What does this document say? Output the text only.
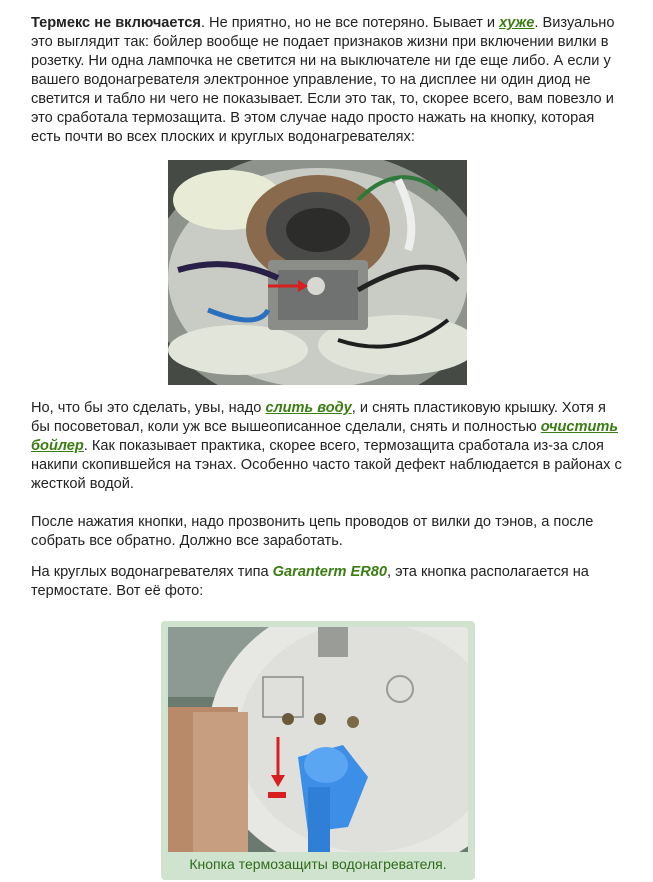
Термекс не включается. Не приятно, но не все потеряно. Бывает и хуже. Визуально это выглядит так: бойлер вообще не подает признаков жизни при включении вилки в розетку. Ни одна лампочка не светится ни на выключателе ни где еще либо. А если у вашего водонагревателя электронное управление, то на дисплее ни один диод не светится и табло ни чего не показывает. Если это так, то, скорее всего, вам повезло и это сработала термозащита. В этом случае надо просто нажать на кнопку, которая есть почти во всех плоских и круглых водонагревателях:

Но, что бы это сделать, увы, надо слить воду, и снять пластиковую крышку. Хотя я бы посоветовал, коли уж все вышеописанное сделали, снять и полностью очистить бойлер. Как показывает практика, скорее всего, термозащита сработала из-за слоя накипи скопившейся на тэнах. Особенно часто такой дефект наблюдается в районах с жесткой водой.

После нажатия кнопки, надо прозвонить цепь проводов от вилки до тэнов, а после собрать все обратно. Должно все заработать.

На круглых водонагревателях типа Garanterm ER80, эта кнопка располагается на термостате. Вот её фото:

Кнопка термозащиты водонагревателя.
